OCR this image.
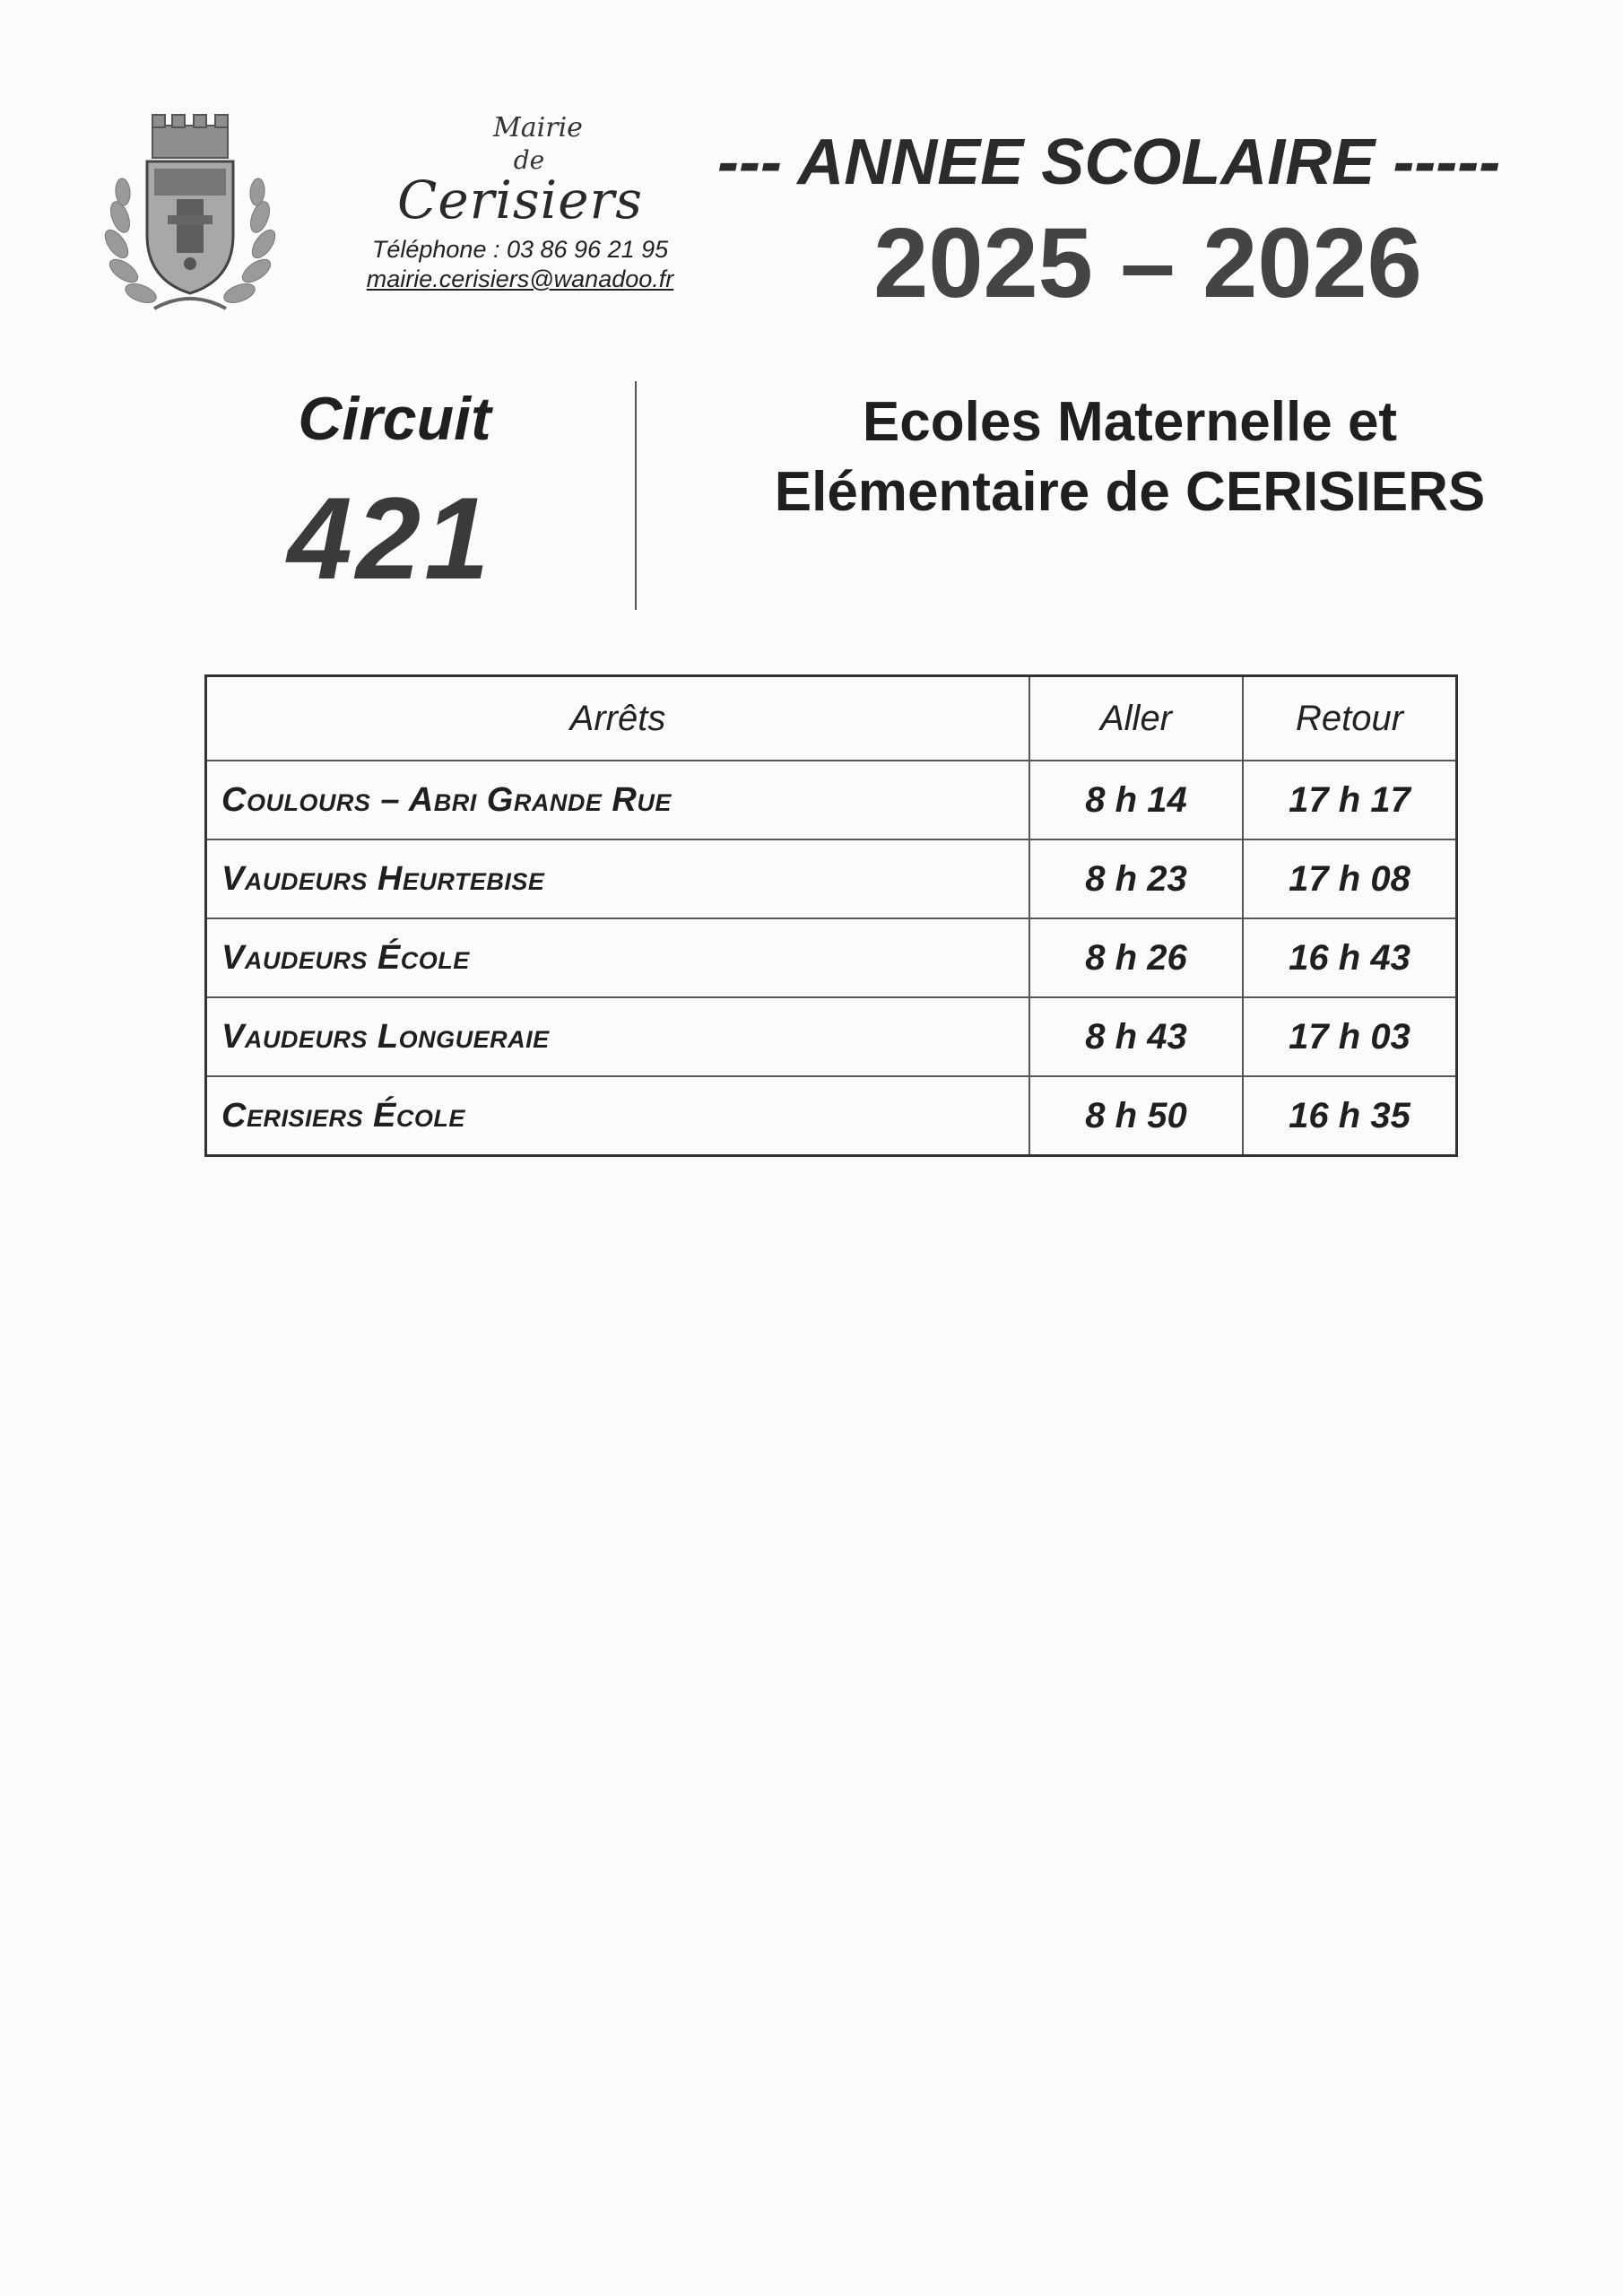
Mairie
de
Cerisiers
Téléphone : 03 86 96 21 95
mairie.cerisiers@wanadoo.fr
--- ANNEE SCOLAIRE -----
2025 – 2026
Circuit
421
Ecoles Maternelle et
Elémentaire de CERISIERS
Arrêts	Aller	Retour
Coulours – Abri Grande Rue	8 h 14	17 h 17
Vaudeurs Heurtebise	8 h 23	17 h 08
Vaudeurs École	8 h 26	16 h 43
Vaudeurs Longueraie	8 h 43	17 h 03
Cerisiers École	8 h 50	16 h 35
